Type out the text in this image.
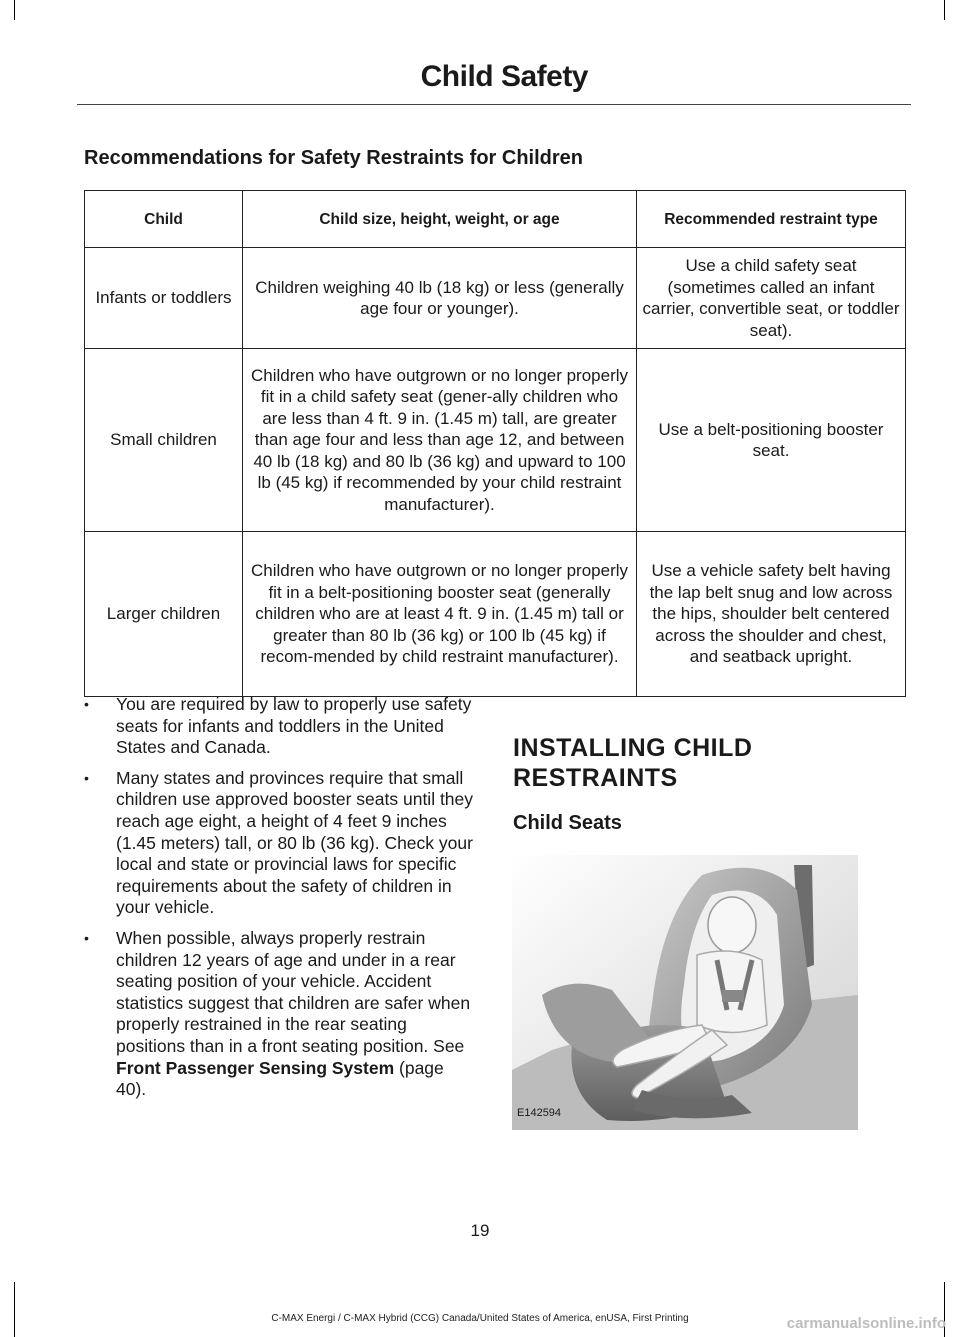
Child Safety
Recommendations for Safety Restraints for Children
Child	Child size, height, weight, or age	Recommended restraint type
Infants or toddlers	Children weighing 40 lb (18 kg) or less (generally age four or younger).	Use a child safety seat (sometimes called an infant carrier, convertible seat, or toddler seat).
Small children	Children who have outgrown or no longer properly fit in a child safety seat (gener-ally children who are less than 4 ft. 9 in. (1.45 m) tall, are greater than age four and less than age 12, and between 40 lb (18 kg) and 80 lb (36 kg) and upward to 100 lb (45 kg) if recommended by your child restraint manufacturer).	Use a belt-positioning booster seat.
Larger children	Children who have outgrown or no longer properly fit in a belt-positioning booster seat (generally children who are at least 4 ft. 9 in. (1.45 m) tall or greater than 80 lb (36 kg) or 100 lb (45 kg) if recom-mended by child restraint manufacturer).	Use a vehicle safety belt having the lap belt snug and low across the hips, shoulder belt centered across the shoulder and chest, and seatback upright.
• You are required by law to properly use safety seats for infants and toddlers in the United States and Canada.
• Many states and provinces require that small children use approved booster seats until they reach age eight, a height of 4 feet 9 inches (1.45 meters) tall, or 80 lb (36 kg). Check your local and state or provincial laws for specific requirements about the safety of children in your vehicle.
• When possible, always properly restrain children 12 years of age and under in a rear seating position of your vehicle. Accident statistics suggest that children are safer when properly restrained in the rear seating positions than in a front seating position. See Front Passenger Sensing System (page 40).
INSTALLING CHILD RESTRAINTS
Child Seats
E142594
19
C-MAX Energi / C-MAX Hybrid (CCG) Canada/United States of America, enUSA, First Printing	carmanualsonline.info
